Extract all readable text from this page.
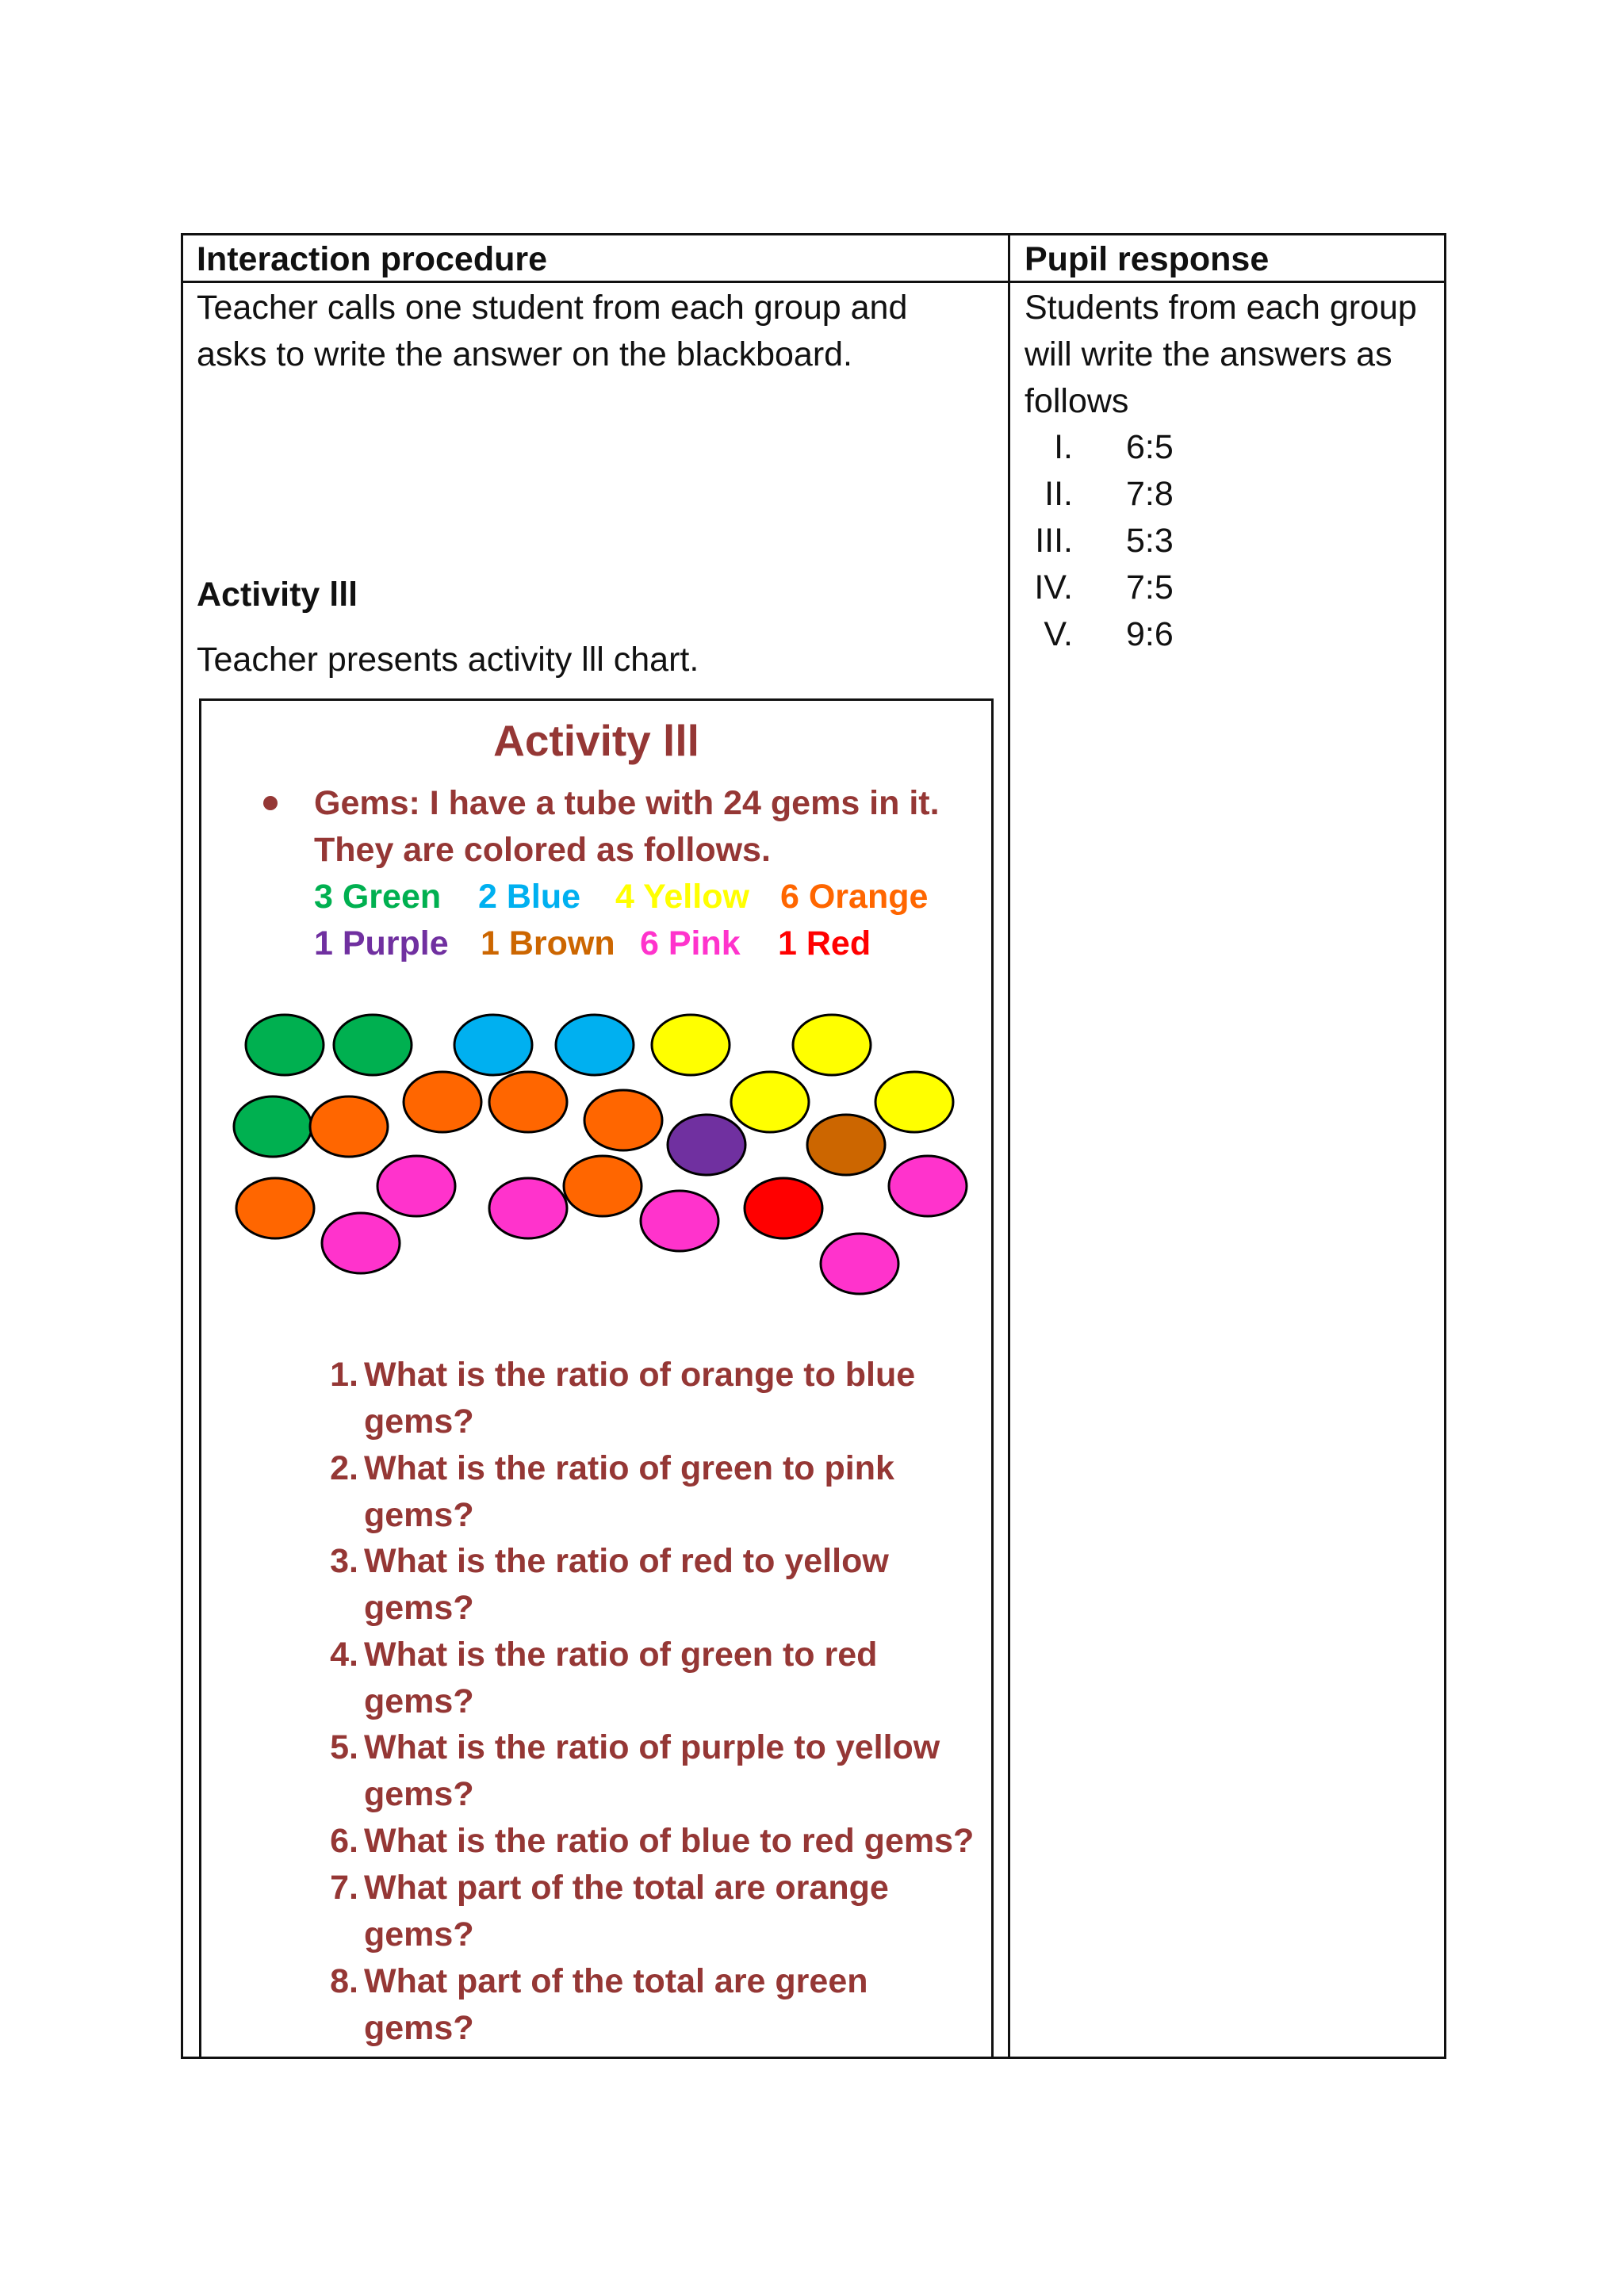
Interaction procedure	Pupil response
Teacher calls one student from each group and
asks to write the answer on the blackboard.
Activity lll
Teacher presents activity lll chart.
Students from each group
will write the answers as
follows
I. 6:5
II. 7:8
III. 5:3
IV. 7:5
V. 9:6
Activity lll
Gems: I have a tube with 24 gems in it.
They are colored as follows.
3 Green 2 Blue 4 Yellow 6 Orange
1 Purple 1 Brown 6 Pink 1 Red
1. What is the ratio of orange to blue
gems?
2. What is the ratio of green to pink
gems?
3. What is the ratio of red to yellow
gems?
4. What is the ratio of green to red
gems?
5. What is the ratio of purple to yellow
gems?
6. What is the ratio of blue to red gems?
7. What part of the total are orange
gems?
8. What part of the total are green
gems?
